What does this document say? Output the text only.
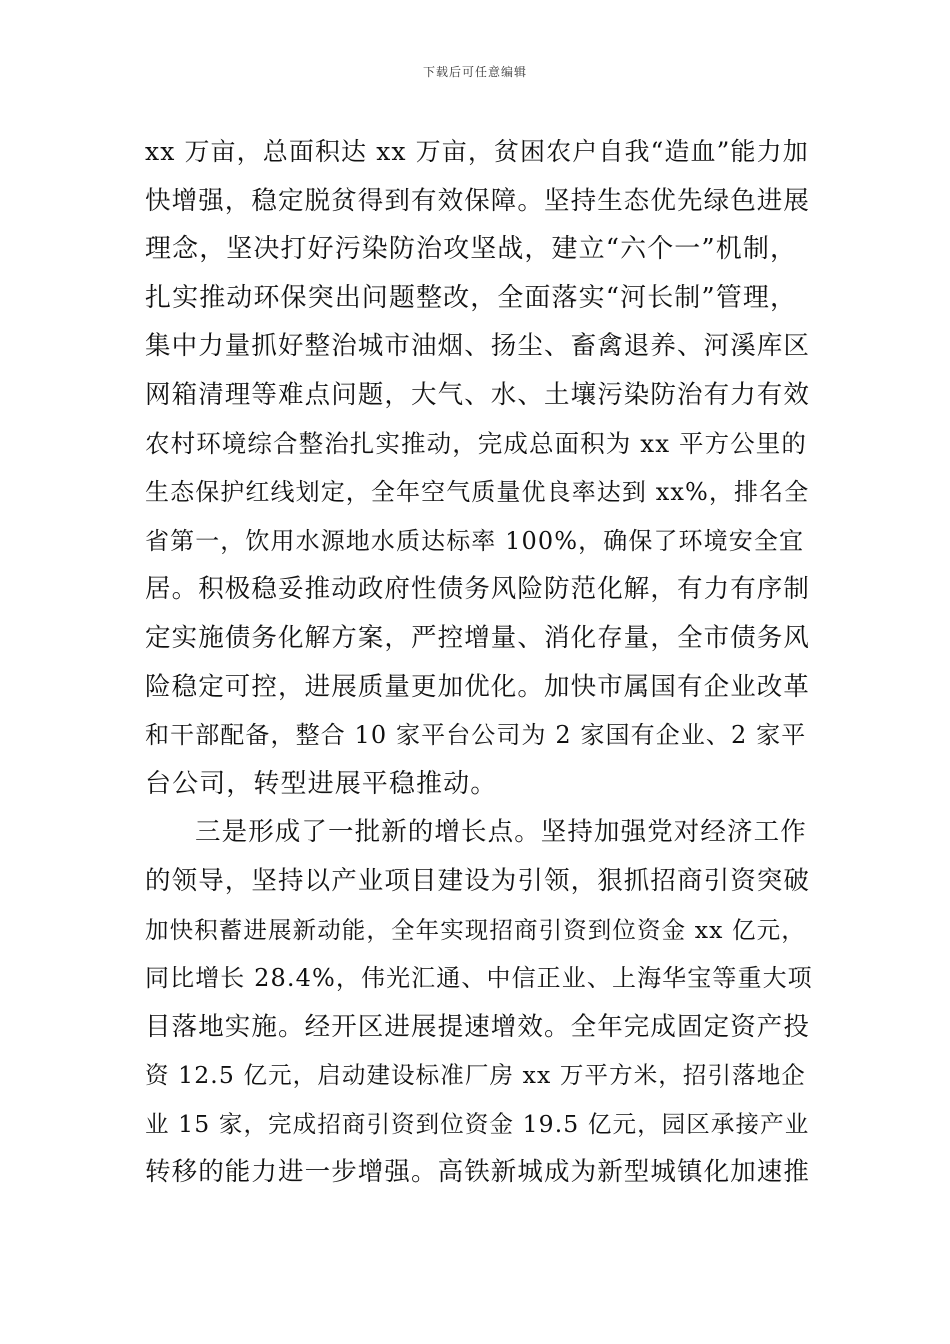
下载后可任意编辑
xx 万亩，总面积达 xx 万亩，贫困农户自我“造血”能力加
快增强，稳定脱贫得到有效保障。坚持生态优先绿色进展
理念，坚决打好污染防治攻坚战，建立“六个一”机制，
扎实推动环保突出问题整改，全面落实“河长制”管理，
集中力量抓好整治城市油烟、扬尘、畜禽退养、河溪库区
网箱清理等难点问题，大气、水、土壤污染防治有力有效
农村环境综合整治扎实推动，完成总面积为 xx 平方公里的
生态保护红线划定，全年空气质量优良率达到 xx%，排名全
省第一，饮用水源地水质达标率 100%，确保了环境安全宜
居。积极稳妥推动政府性债务风险防范化解，有力有序制
定实施债务化解方案，严控增量、消化存量，全市债务风
险稳定可控，进展质量更加优化。加快市属国有企业改革
和干部配备，整合 10 家平台公司为 2 家国有企业、2 家平
台公司，转型进展平稳推动。
三是形成了一批新的增长点。坚持加强党对经济工作
的领导，坚持以产业项目建设为引领，狠抓招商引资突破
加快积蓄进展新动能，全年实现招商引资到位资金 xx 亿元，
同比增长 28.4%，伟光汇通、中信正业、上海华宝等重大项
目落地实施。经开区进展提速增效。全年完成固定资产投
资 12.5 亿元，启动建设标准厂房 xx 万平方米，招引落地企
业 15 家，完成招商引资到位资金 19.5 亿元，园区承接产业
转移的能力进一步增强。高铁新城成为新型城镇化加速推
